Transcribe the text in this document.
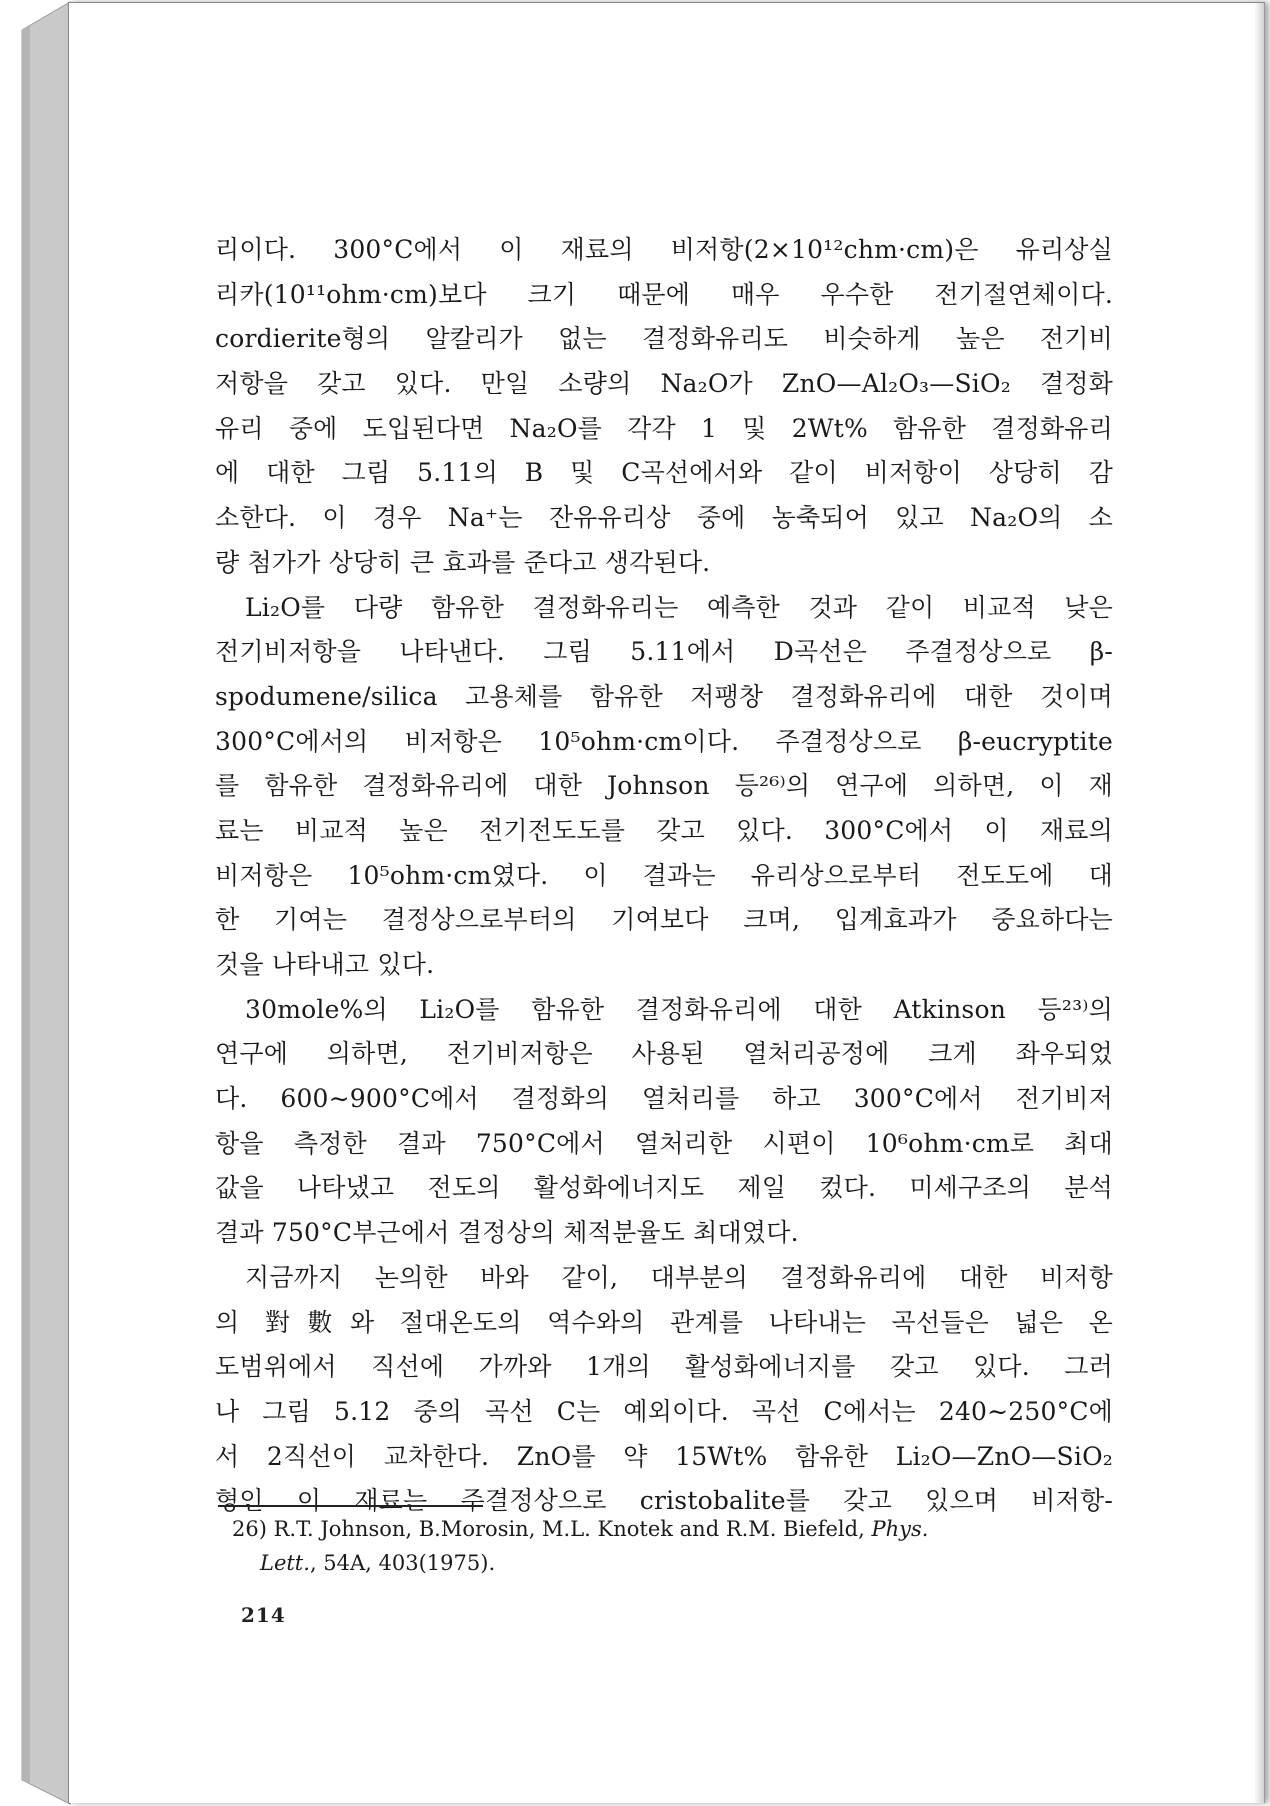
리이다. 300°C에서 이 재료의 비저항(2×10¹²chm·cm)은 유리상실
리카(10¹¹ohm·cm)보다 크기 때문에 매우 우수한 전기절연체이다.
cordierite형의 알칼리가 없는 결정화유리도 비슷하게 높은 전기비
저항을 갖고 있다. 만일 소량의 Na₂O가 ZnO—Al₂O₃—SiO₂ 결정화
유리 중에 도입된다면 Na₂O를 각각 1 및 2Wt% 함유한 결정화유리
에 대한 그림 5.11의 B 및 C곡선에서와 같이 비저항이 상당히 감
소한다. 이 경우 Na⁺는 잔유유리상 중에 농축되어 있고 Na₂O의 소
량 첨가가 상당히 큰 효과를 준다고 생각된다.
Li₂O를 다량 함유한 결정화유리는 예측한 것과 같이 비교적 낮은
전기비저항을 나타낸다. 그림 5.11에서 D곡선은 주결정상으로 β-
spodumene/silica 고용체를 함유한 저팽창 결정화유리에 대한 것이며
300°C에서의 비저항은 10⁵ohm·cm이다. 주결정상으로 β-eucryptite
를 함유한 결정화유리에 대한 Johnson 등²⁶⁾의 연구에 의하면, 이 재
료는 비교적 높은 전기전도도를 갖고 있다. 300°C에서 이 재료의
비저항은 10⁵ohm·cm였다. 이 결과는 유리상으로부터 전도도에 대
한 기여는 결정상으로부터의 기여보다 크며, 입계효과가 중요하다는
것을 나타내고 있다.
30mole%의 Li₂O를 함유한 결정화유리에 대한 Atkinson 등²³⁾의
연구에 의하면, 전기비저항은 사용된 열처리공정에 크게 좌우되었
다. 600∼900°C에서 결정화의 열처리를 하고 300°C에서 전기비저
항을 측정한 결과 750°C에서 열처리한 시편이 10⁶ohm·cm로 최대
값을 나타냈고 전도의 활성화에너지도 제일 컸다. 미세구조의 분석
결과 750°C부근에서 결정상의 체적분율도 최대였다.
지금까지 논의한 바와 같이, 대부분의 결정화유리에 대한 비저항
의 對數와 절대온도의 역수와의 관계를 나타내는 곡선들은 넓은 온
도범위에서 직선에 가까와 1개의 활성화에너지를 갖고 있다. 그러
나 그림 5.12 중의 곡선 C는 예외이다. 곡선 C에서는 240∼250°C에
서 2직선이 교차한다. ZnO를 약 15Wt% 함유한 Li₂O—ZnO—SiO₂
형인 이 재료는 주결정상으로 cristobalite를 갖고 있으며 비저항-
26) R.T. Johnson, B.Morosin, M.L. Knotek and R.M. Biefeld, Phys.
Lett., 54A, 403(1975).
214
